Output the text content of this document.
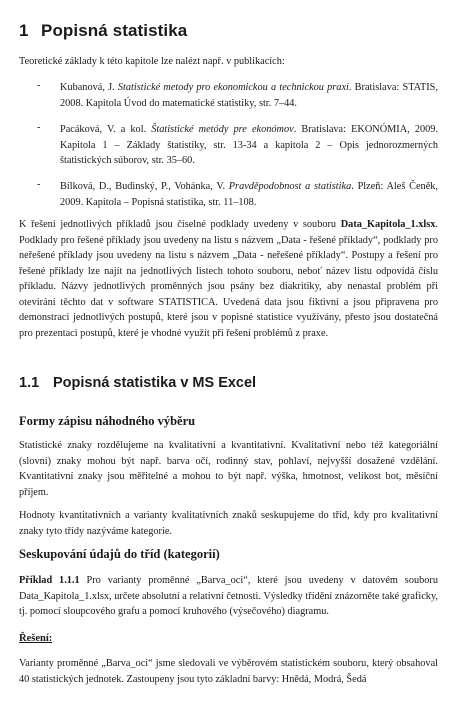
1 Popisná statistika

Teoretické základy k této kapitole lze nalézt např. v publikacích:

- Kubanová, J. Statistické metody pro ekonomickou a technickou praxi. Bratislava: STATIS, 2008. Kapitola Úvod do matematické statistiky, str. 7–44.

- Pacáková, V. a kol. Štatistické metódy pre ekonómov. Bratislava: EKONÓMIA, 2009. Kapitola 1 – Základy štatistiky, str. 13-34 a kapitola 2 – Opis jednorozmerných štatistických súborov, str. 35–60.

- Bílková, D., Budinský, P., Vohánka, V. Pravděpodobnost a statistika. Plzeň: Aleš Čeněk, 2009. Kapitola – Popisná statistika, str. 11–108.

K řešení jednotlivých příkladů jsou číselné podklady uvedeny v souboru Data_Kapitola_1.xlsx. Podklady pro řešené příklady jsou uvedeny na listu s názvem „Data - řešené příklady“, podklady pro neřešené příklady jsou uvedeny na listu s názvem „Data - neřešené příklady“. Postupy a řešení pro řešené příklady lze najít na jednotlivých listech tohoto souboru, neboť název listu odpovídá číslu příkladu. Názvy jednotlivých proměnných jsou psány bez diakritiky, aby nenastal problém při otevírání těchto dat v software STATISTICA. Uvedená data jsou fiktivní a jsou připravena pro demonstraci jednotlivých postupů, které jsou v popisné statistice využívány, přesto jsou dostatečná pro prezentaci postupů, které je vhodné využít při řešení problémů z praxe.

1.1 Popisná statistika v MS Excel
Formy zápisu náhodného výběru

Statistické znaky rozdělujeme na kvalitativní a kvantitativní. Kvalitativní nebo též kategoriální (slovní) znaky mohou být např. barva očí, rodinný stav, pohlaví, nejvyšší dosažené vzdělání. Kvantitativní znaky jsou měřitelné a mohou to být např. výška, hmotnost, velikost bot, měsíční příjem.

Hodnoty kvantitativních a varianty kvalitativních znaků seskupujeme do tříd, kdy pro kvalitativní znaky tyto třídy nazýváme kategorie.

Seskupování údajů do tříd (kategorií)

Příklad 1.1.1 Pro varianty proměnné „Barva_oci“, které jsou uvedeny v datovém souboru Data_Kapitola_1.xlsx, určete absolutní a relativní četnosti. Výsledky třídění znázorněte také graficky, tj. pomocí sloupcového grafu a pomocí kruhového (výsečového) diagramu.

Řešení:

Varianty proměnné „Barva_oci“ jsme sledovali ve výběrovém statistickém souboru, který obsahoval 40 statistických jednotek. Zastoupeny jsou tyto základní barvy: Hnědá, Modrá, Šedá
